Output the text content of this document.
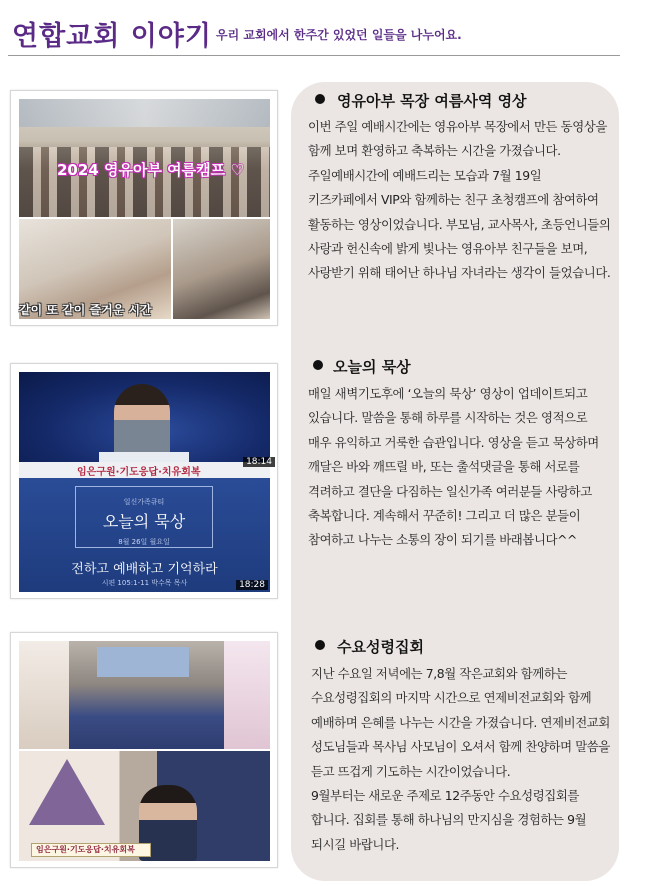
연합교회 이야기 우리 교회에서 한주간 있었던 일들을 나누어요.
2024 영유아부 여름캠프 ♡
같이 또 같이 즐거운 시간
임은구원·기도응답·치유회복
18:14
일신가족큐티
오늘의 묵상
8월 26일 월요일
전하고 예배하고 기억하라
시편 105:1-11 박수목 목사	18:28
임은구원·기도응답·치유회복
영유아부 목장 여름사역 영상

이번 주일 예배시간에는 영유아부 목장에서 만든 동영상을 함께 보며 환영하고 축복하는 시간을 가졌습니다. 주일예배시간에 예배드리는 모습과 7월 19일 키즈카페에서 VIP와 함께하는 친구 초청캠프에 참여하여 활동하는 영상이었습니다. 부모님, 교사목사, 초등언니들의 사랑과 헌신속에 밝게 빛나는 영유아부 친구들을 보며, 사랑받기 위해 태어난 하나님 자녀라는 생각이 들었습니다.

오늘의 묵상

매일 새벽기도후에 ‘오늘의 묵상’ 영상이 업데이트되고 있습니다. 말씀을 통해 하루를 시작하는 것은 영적으로 매우 유익하고 거룩한 습관입니다. 영상을 듣고 묵상하며 깨달은 바와 깨뜨릴 바, 또는 출석댓글을 통해 서로를 격려하고 결단을 다짐하는 일신가족 여러분들 사랑하고 축복합니다. 계속해서 꾸준히! 그리고 더 많은 분들이 참여하고 나누는 소통의 장이 되기를 바래봅니다^^

수요성령집회

지난 수요일 저녁에는 7,8월 작은교회와 함께하는 수요성령집회의 마지막 시간으로 연제비전교회와 함께 예배하며 은혜를 나누는 시간을 가졌습니다. 연제비전교회 성도님들과 목사님 사모님이 오셔서 함께 찬양하며 말씀을 듣고 뜨겁게 기도하는 시간이었습니다.

9월부터는 새로운 주제로 12주동안 수요성령집회를 합니다. 집회를 통해 하나님의 만지심을 경험하는 9월 되시길 바랍니다.
